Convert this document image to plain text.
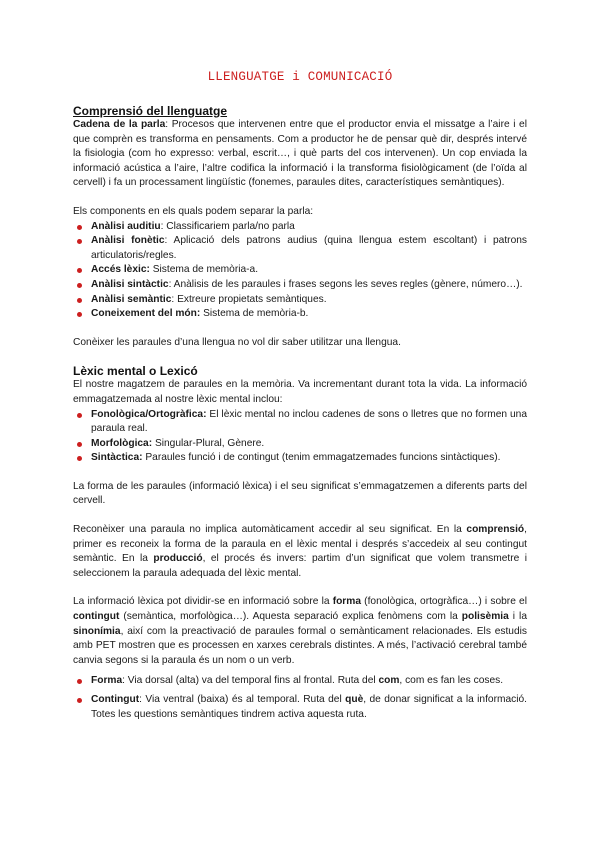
LLENGUATGE i COMUNICACIÓ
Comprensió del llenguatge

Cadena de la parla: Procesos que intervenen entre que el productor envia el missatge a l’aire i el que comprèn es transforma en pensaments. Com a productor he de pensar què dir, després intervé la fisiologia (com ho expresso: verbal, escrit…, i què parts del cos intervenen). Un cop enviada la informació acústica a l’aire, l’altre codifica la informació i la transforma fisiològicament (de l’oïda al cervell) i fa un processament lingüístic (fonemes, paraules dites, característiques semàntiques).

Els components en els quals podem separar la parla:

Anàlisi auditiu: Classificariem parla/no parla
Anàlisi fonètic: Aplicació dels patrons audius (quina llengua estem escoltant) i patrons articulatoris/regles.
Accés lèxic: Sistema de memòria-a.
Anàlisi sintàctic: Anàlisis de les paraules i frases segons les seves regles (gènere, número…).
Anàlisi semàntic: Extreure propietats semàntiques.
Coneixement del món: Sistema de memòria-b.

Conèixer les paraules d’una llengua no vol dir saber utilitzar una llengua.

Lèxic mental o Lexicó

El nostre magatzem de paraules en la memòria. Va incrementant durant tota la vida. La informació emmagatzemada al nostre lèxic mental inclou:

Fonològica/Ortogràfica: El lèxic mental no inclou cadenes de sons o lletres que no formen una paraula real.
Morfològica: Singular-Plural, Gènere.
Sintàctica: Paraules funció i de contingut (tenim emmagatzemades funcions sintàctiques).

La forma de les paraules (informació lèxica) i el seu significat s’emmagatzemen a diferents parts del cervell.

Reconèixer una paraula no implica automàticament accedir al seu significat. En la comprensió, primer es reconeix la forma de la paraula en el lèxic mental i després s’accedeix al seu contingut semàntic. En la producció, el procés és invers: partim d’un significat que volem transmetre i seleccionem la paraula adequada del lèxic mental.

La informació lèxica pot dividir-se en informació sobre la forma (fonològica, ortogràfica…) i sobre el contingut (semàntica, morfològica…). Aquesta separació explica fenòmens com la polisèmia i la sinonímia, així com la preactivació de paraules formal o semànticament relacionades. Els estudis amb PET mostren que es processen en xarxes cerebrals distintes. A més, l’activació cerebral també canvia segons si la paraula és un nom o un verb.

Forma: Via dorsal (alta) va del temporal fins al frontal. Ruta del com, com es fan les coses.
Contingut: Via ventral (baixa) és al temporal. Ruta del què, de donar significat a la informació. Totes les questions semàntiques tindrem activa aquesta ruta.
